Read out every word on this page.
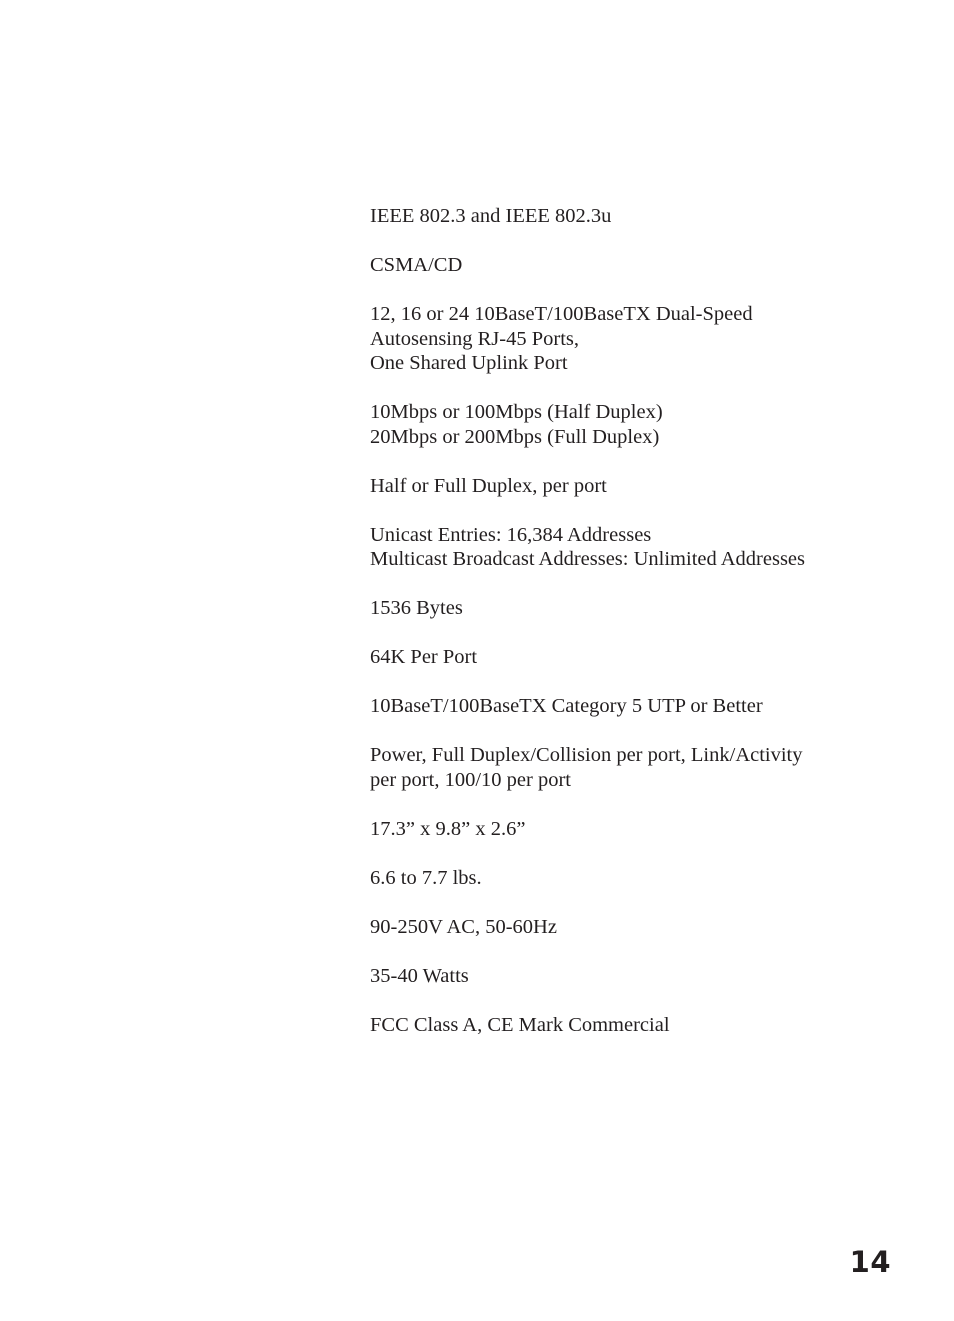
IEEE 802.3 and IEEE 802.3u
CSMA/CD
12, 16 or 24 10BaseT/100BaseTX Dual-Speed
Autosensing RJ-45 Ports,
One Shared Uplink Port
10Mbps or 100Mbps (Half Duplex)
20Mbps or 200Mbps (Full Duplex)
Half or Full Duplex, per port
Unicast Entries: 16,384 Addresses
Multicast Broadcast Addresses: Unlimited Addresses
1536 Bytes
64K Per Port
10BaseT/100BaseTX Category 5 UTP or Better
Power, Full Duplex/Collision per port, Link/Activity
per port, 100/10 per port
17.3” x 9.8” x 2.6”
6.6 to 7.7 lbs.
90-250V AC, 50-60Hz
35-40 Watts
FCC Class A, CE Mark Commercial
14
